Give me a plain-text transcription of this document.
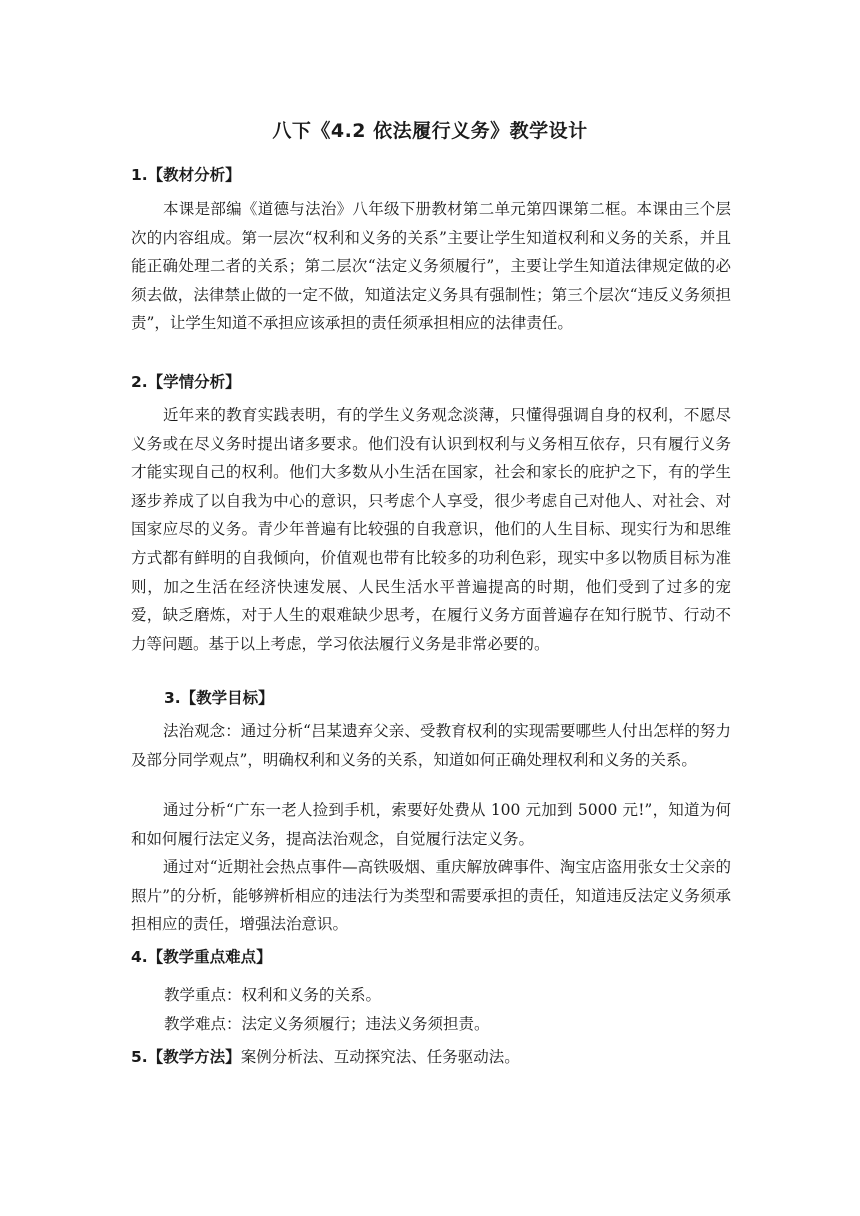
八下《4.2 依法履行义务》教学设计
1.【教材分析】
本课是部编《道德与法治》八年级下册教材第二单元第四课第二框。本课由三个层次的内容组成。第一层次“权利和义务的关系”主要让学生知道权利和义务的关系，并且能正确处理二者的关系；第二层次“法定义务须履行”，主要让学生知道法律规定做的必须去做，法律禁止做的一定不做，知道法定义务具有强制性；第三个层次“违反义务须担责”，让学生知道不承担应该承担的责任须承担相应的法律责任。
2.【学情分析】
近年来的教育实践表明，有的学生义务观念淡薄，只懂得强调自身的权利，不愿尽义务或在尽义务时提出诸多要求。他们没有认识到权利与义务相互依存，只有履行义务才能实现自己的权利。他们大多数从小生活在国家，社会和家长的庇护之下，有的学生逐步养成了以自我为中心的意识，只考虑个人享受，很少考虑自己对他人、对社会、对国家应尽的义务。青少年普遍有比较强的自我意识，他们的人生目标、现实行为和思维方式都有鲜明的自我倾向，价值观也带有比较多的功利色彩，现实中多以物质目标为准则，加之生活在经济快速发展、人民生活水平普遍提高的时期，他们受到了过多的宠爱，缺乏磨炼，对于人生的艰难缺少思考，在履行义务方面普遍存在知行脱节、行动不力等问题。基于以上考虑，学习依法履行义务是非常必要的。
3.【教学目标】
法治观念：通过分析“吕某遗弃父亲、受教育权利的实现需要哪些人付出怎样的努力及部分同学观点”，明确权利和义务的关系，知道如何正确处理权利和义务的关系。
通过分析“广东一老人捡到手机，索要好处费从 100 元加到 5000 元!”，知道为何和如何履行法定义务，提高法治观念，自觉履行法定义务。
通过对“近期社会热点事件—高铁吸烟、重庆解放碑事件、淘宝店盗用张女士父亲的照片”的分析，能够辨析相应的违法行为类型和需要承担的责任，知道违反法定义务须承担相应的责任，增强法治意识。
4.【教学重点难点】
教学重点：权利和义务的关系。
教学难点：法定义务须履行；违法义务须担责。
5.【教学方法】案例分析法、互动探究法、任务驱动法。
